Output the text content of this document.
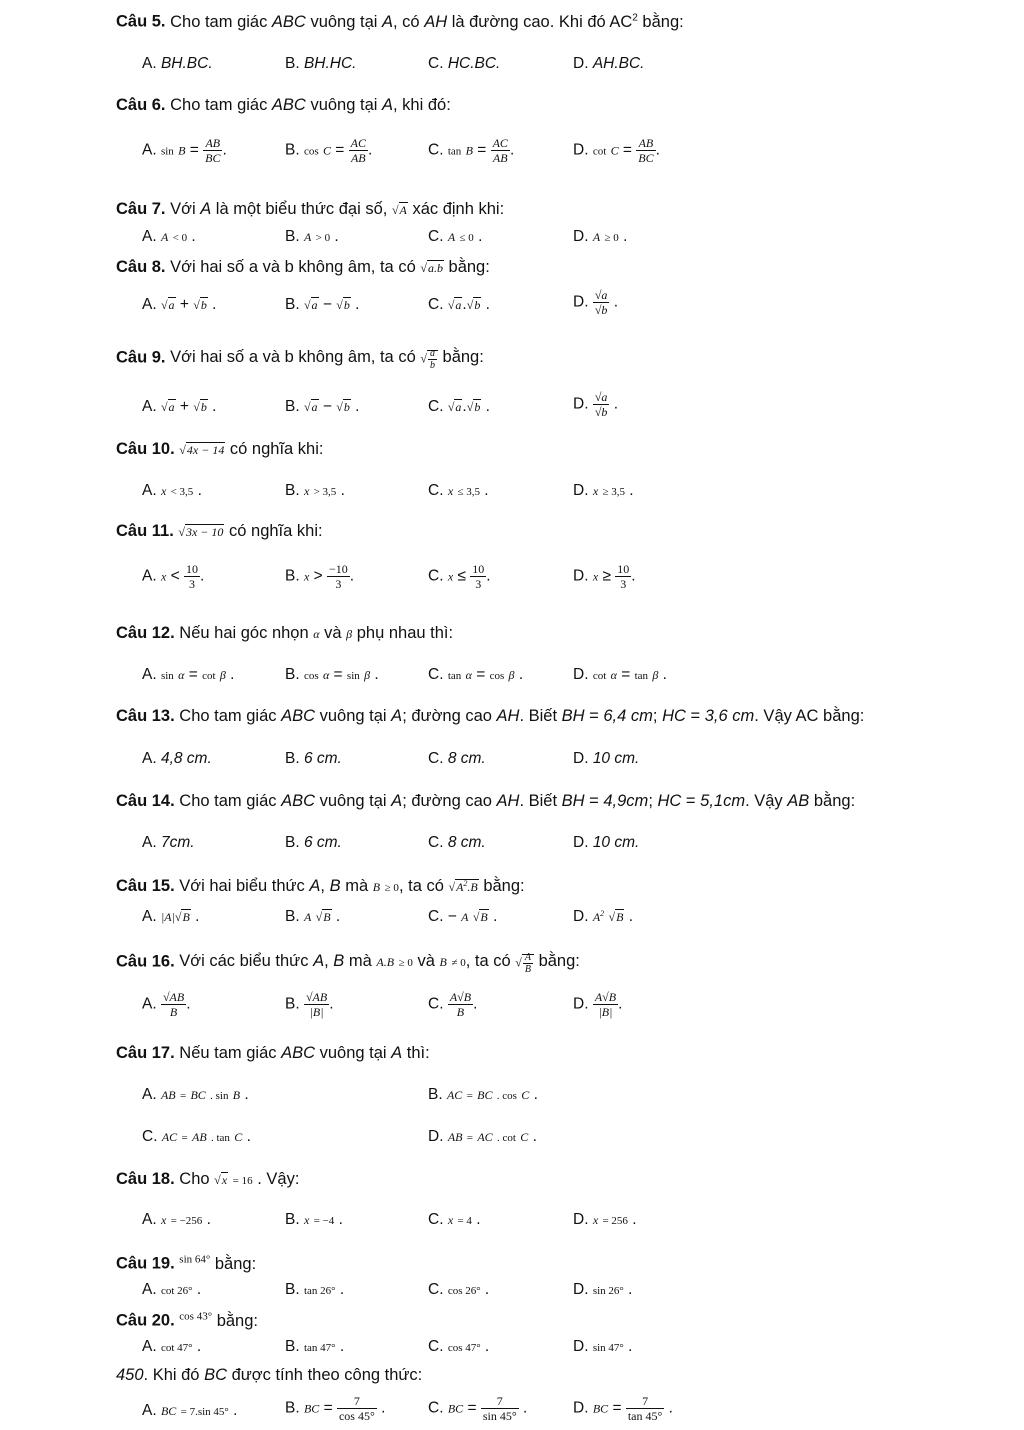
Câu 5. Cho tam giác ABC vuông tại A, có AH là đường cao. Khi đó $AC^2$ bằng:
A. BH.BC.	B. BH.HC.	C. HC.BC.	D. AH.BC.
Câu 6. Cho tam giác ABC vuông tại A, khi đó:
A. $\sin B = \frac{AB}{BC}$ .	B. $\cos C = \frac{AC}{AB}$ .	C. $\tan B = \frac{AC}{AB}$ .	D. $\cot C = \frac{AB}{BC}$ .
Câu 7. Với A là một biểu thức đại số, √A xác định khi:
A. A < 0 .	B. A > 0 .	C. A ≤ 0 .	D. A ≥ 0 .
Câu 8. Với hai số a và b không âm, ta có √a.b bằng:
A. √a + √b .	B. √a − √b .	C. √a.√b .	D. $\frac{√a}{√b}$ .
Câu 9. Với hai số a và b không âm, ta có √ $\frac{a}{b}$ bằng:
A. √a + √b .	B. √a − √b .	C. √a.√b .	D. $\frac{√a}{√b}$ .
Câu 10. √4x − 14 có nghĩa khi:
A. x < 3,5 .	B. x > 3,5 .	C. x ≤ 3,5 .	D. x ≥ 3,5 .
Câu 11. √3x − 10 có nghĩa khi:
A. $x < \frac{10}{3}$ .	B. $x > \frac{-10}{3}$ .	C. $x \le \frac{10}{3}$ .	D. $x \ge \frac{10}{3}$ .
Câu 12. Nếu hai góc nhọn α và β phụ nhau thì:
A. sin α = cot β .	B. cos α = sin β .	C. tan α = cos β .	D. cot α = tan β .
Câu 13. Cho tam giác ABC vuông tại A; đường cao AH. Biết BH = 6,4 cm; HC = 3,6 cm. Vậy AC bằng:
A. 4,8 cm.	B. 6 cm.	C. 8 cm.	D. 10 cm.
Câu 14. Cho tam giác ABC vuông tại A; đường cao AH. Biết BH = 4,9cm; HC = 5,1cm. Vậy AB bằng:
A. 7cm.	B. 6 cm.	C. 8 cm.	D. 10 cm.
Câu 15. Với hai biểu thức A, B mà B ≥ 0, ta có $√A^2.B$ bằng:
A. |A|√B .	B. A √B .	C. − A √B .	D. $A^2$ √B .
Câu 16. Với các biểu thức A, B mà A.B ≥ 0 và B ≠ 0, ta có √ $\frac{A}{B}$ bằng:
A. $\frac{√AB}{B}$ .	B. $\frac{√AB}{|B|}$ .	C. $\frac{A√B}{B}$ .	D. $\frac{A√B}{|B|}$ .
Câu 17. Nếu tam giác ABC vuông tại A thì:
A. AB = BC . sin B .	B. AC = BC . cos C .
C. AC = AB . tan C .	D. AB = AC . cot C .
Câu 18. Cho √x = 16 . Vậy:
A. x = −256 .	B. x = −4 .	C. x = 4 .	D. x = 256 .
Câu 19. $^{sin 64^\circ}$ bằng:
A. cot 26° .	B. tan 26° .	C. cos 26° .	D. sin 26° .
Câu 20. $^{cos 43^\circ}$ bằng:
A. cot 47° .	B. tan 47° .	C. cos 47° .	D. sin 47° .
450. Khi đó BC được tính theo công thức:
A. BC = 7.sin 45° .	B. BC = $\frac{7}{\cos 45^\circ}$ .	C. BC = $\frac{7}{\sin 45^\circ}$ .	D. BC = $\frac{7}{\tan 45^\circ}$ .
